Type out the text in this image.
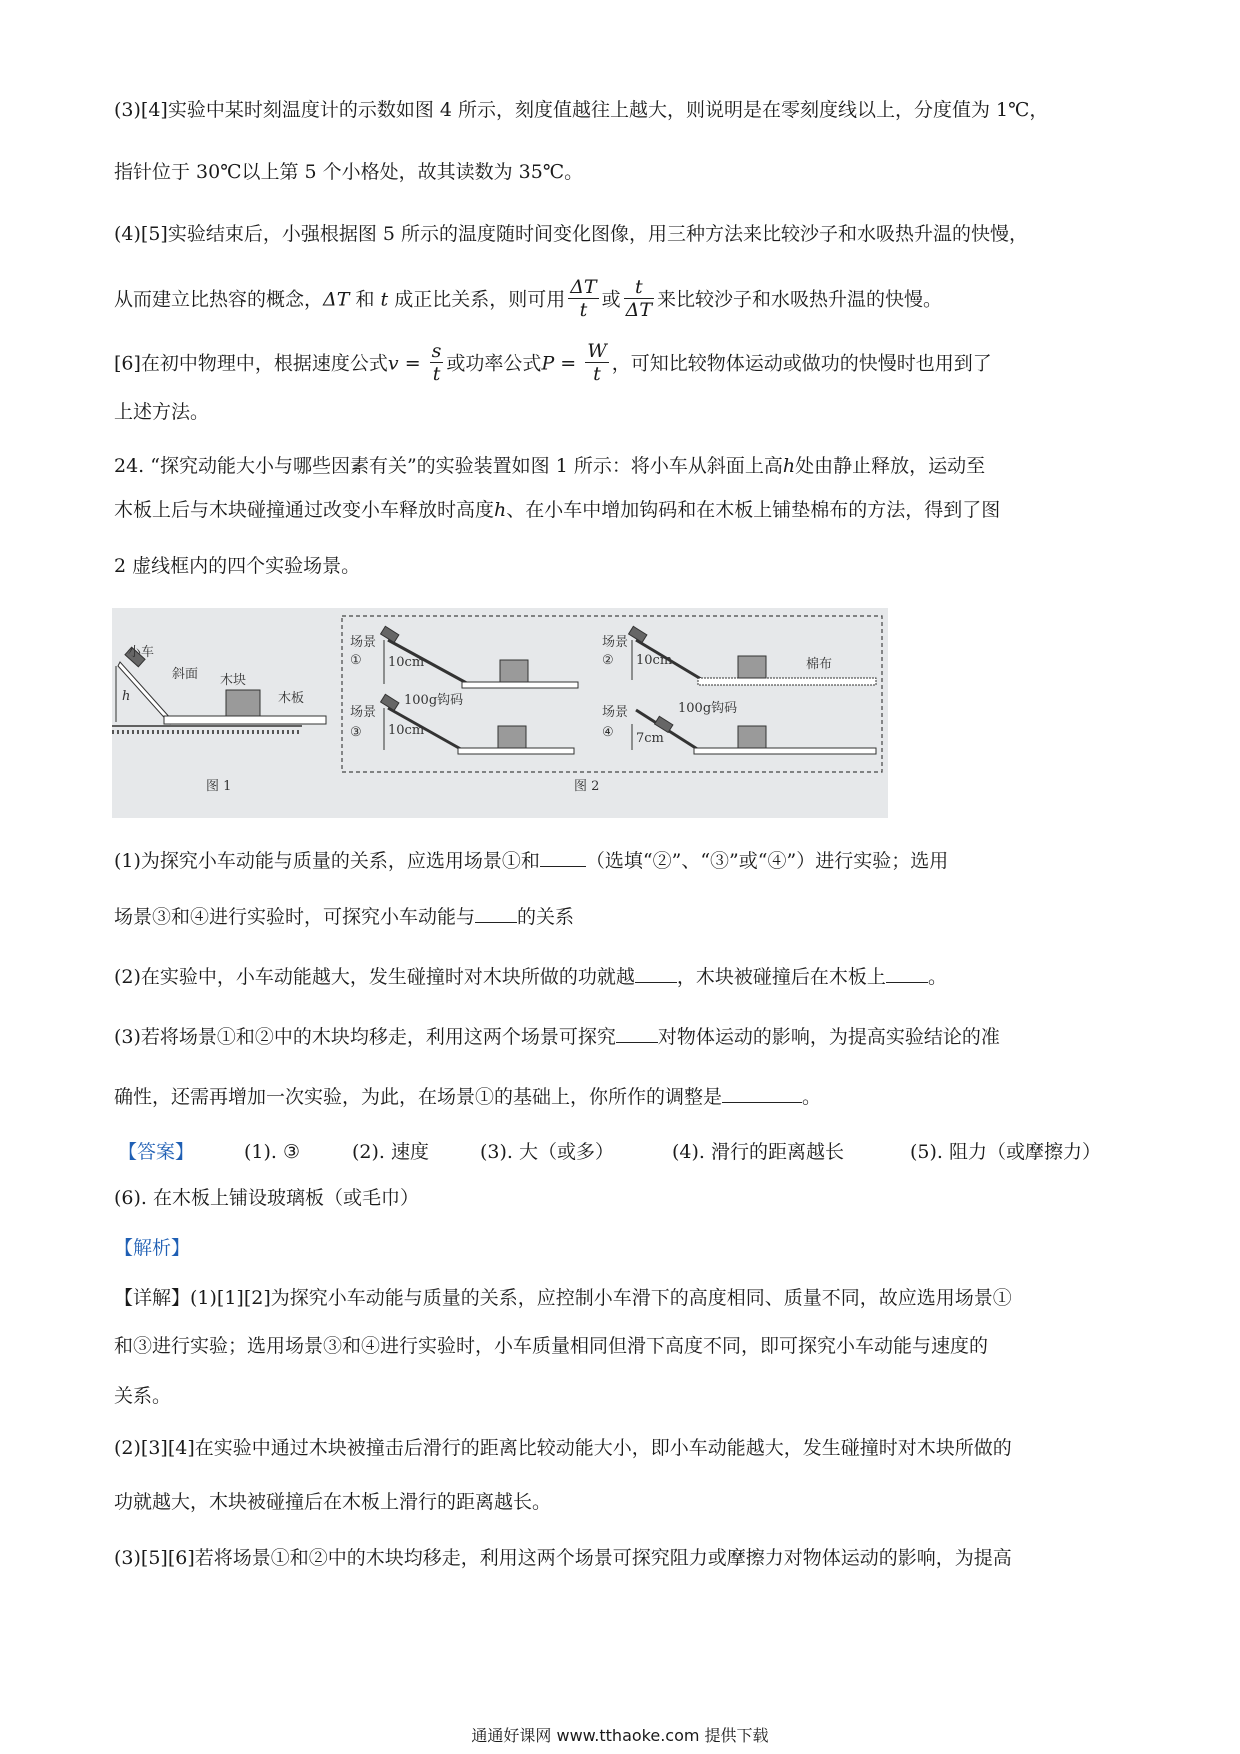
(3)[4]实验中某时刻温度计的示数如图 4 所示，刻度值越往上越大，则说明是在零刻度线以上，分度值为 1℃，
指针位于 30℃以上第 5 个小格处，故其读数为 35℃。
(4)[5]实验结束后，小强根据图 5 所示的温度随时间变化图像，用三种方法来比较沙子和水吸热升温的快慢，
从而建立比热容的概念，ΔT 和 t 成正比关系，则可用 $\frac{\Delta T}{t}$ 或 $\frac{t}{\Delta T}$ 来比较沙子和水吸热升温的快慢。
[6]在初中物理中，根据速度公式$v = \frac{s}{t}$ 或功率公式$P = \frac{W}{t}$ ，可知比较物体运动或做功的快慢时也用到了
上述方法。
24. “探究动能大小与哪些因素有关”的实验装置如图 1 所示：将小车从斜面上高h处由静止释放，运动至
木板上后与木块碰撞通过改变小车释放时高度h、在小车中增加钩码和在木板上铺垫棉布的方法，得到了图
2 虚线框内的四个实验场景。
h
小车
斜面 木块
木板
图 1	图 2
场景
① 10cm
场景
② 10cm	棉布
场景
③ 10cm
100g钩码
场景
④ 7cm
100g钩码
(1)为探究小车动能与质量的关系，应选用场景①和 （选填“②”、“③”或“④”）进行实验；选用
场景③和④进行实验时，可探究小车动能与 的关系
(2)在实验中，小车动能越大，发生碰撞时对木块所做的功就越 ，木块被碰撞后在木板上 。
(3)若将场景①和②中的木块均移走，利用这两个场景可探究 对物体运动的影响，为提高实验结论的准
确性，还需再增加一次实验，为此，在场景①的基础上，你所作的调整是	。
【答案】	(1). ③	(2). 速度	(3). 大（或多）	(4). 滑行的距离越长	(5). 阻力（或摩擦力）
(6). 在木板上铺设玻璃板（或毛巾）
【解析】
【详解】(1)[1][2]为探究小车动能与质量的关系，应控制小车滑下的高度相同、质量不同，故应选用场景①
和③进行实验；选用场景③和④进行实验时，小车质量相同但滑下高度不同，即可探究小车动能与速度的
关系。
(2)[3][4]在实验中通过木块被撞击后滑行的距离比较动能大小，即小车动能越大，发生碰撞时对木块所做的
功就越大，木块被碰撞后在木板上滑行的距离越长。
(3)[5][6]若将场景①和②中的木块均移走，利用这两个场景可探究阻力或摩擦力对物体运动的影响，为提高
通通好课网 www.tthaoke.com 提供下载
